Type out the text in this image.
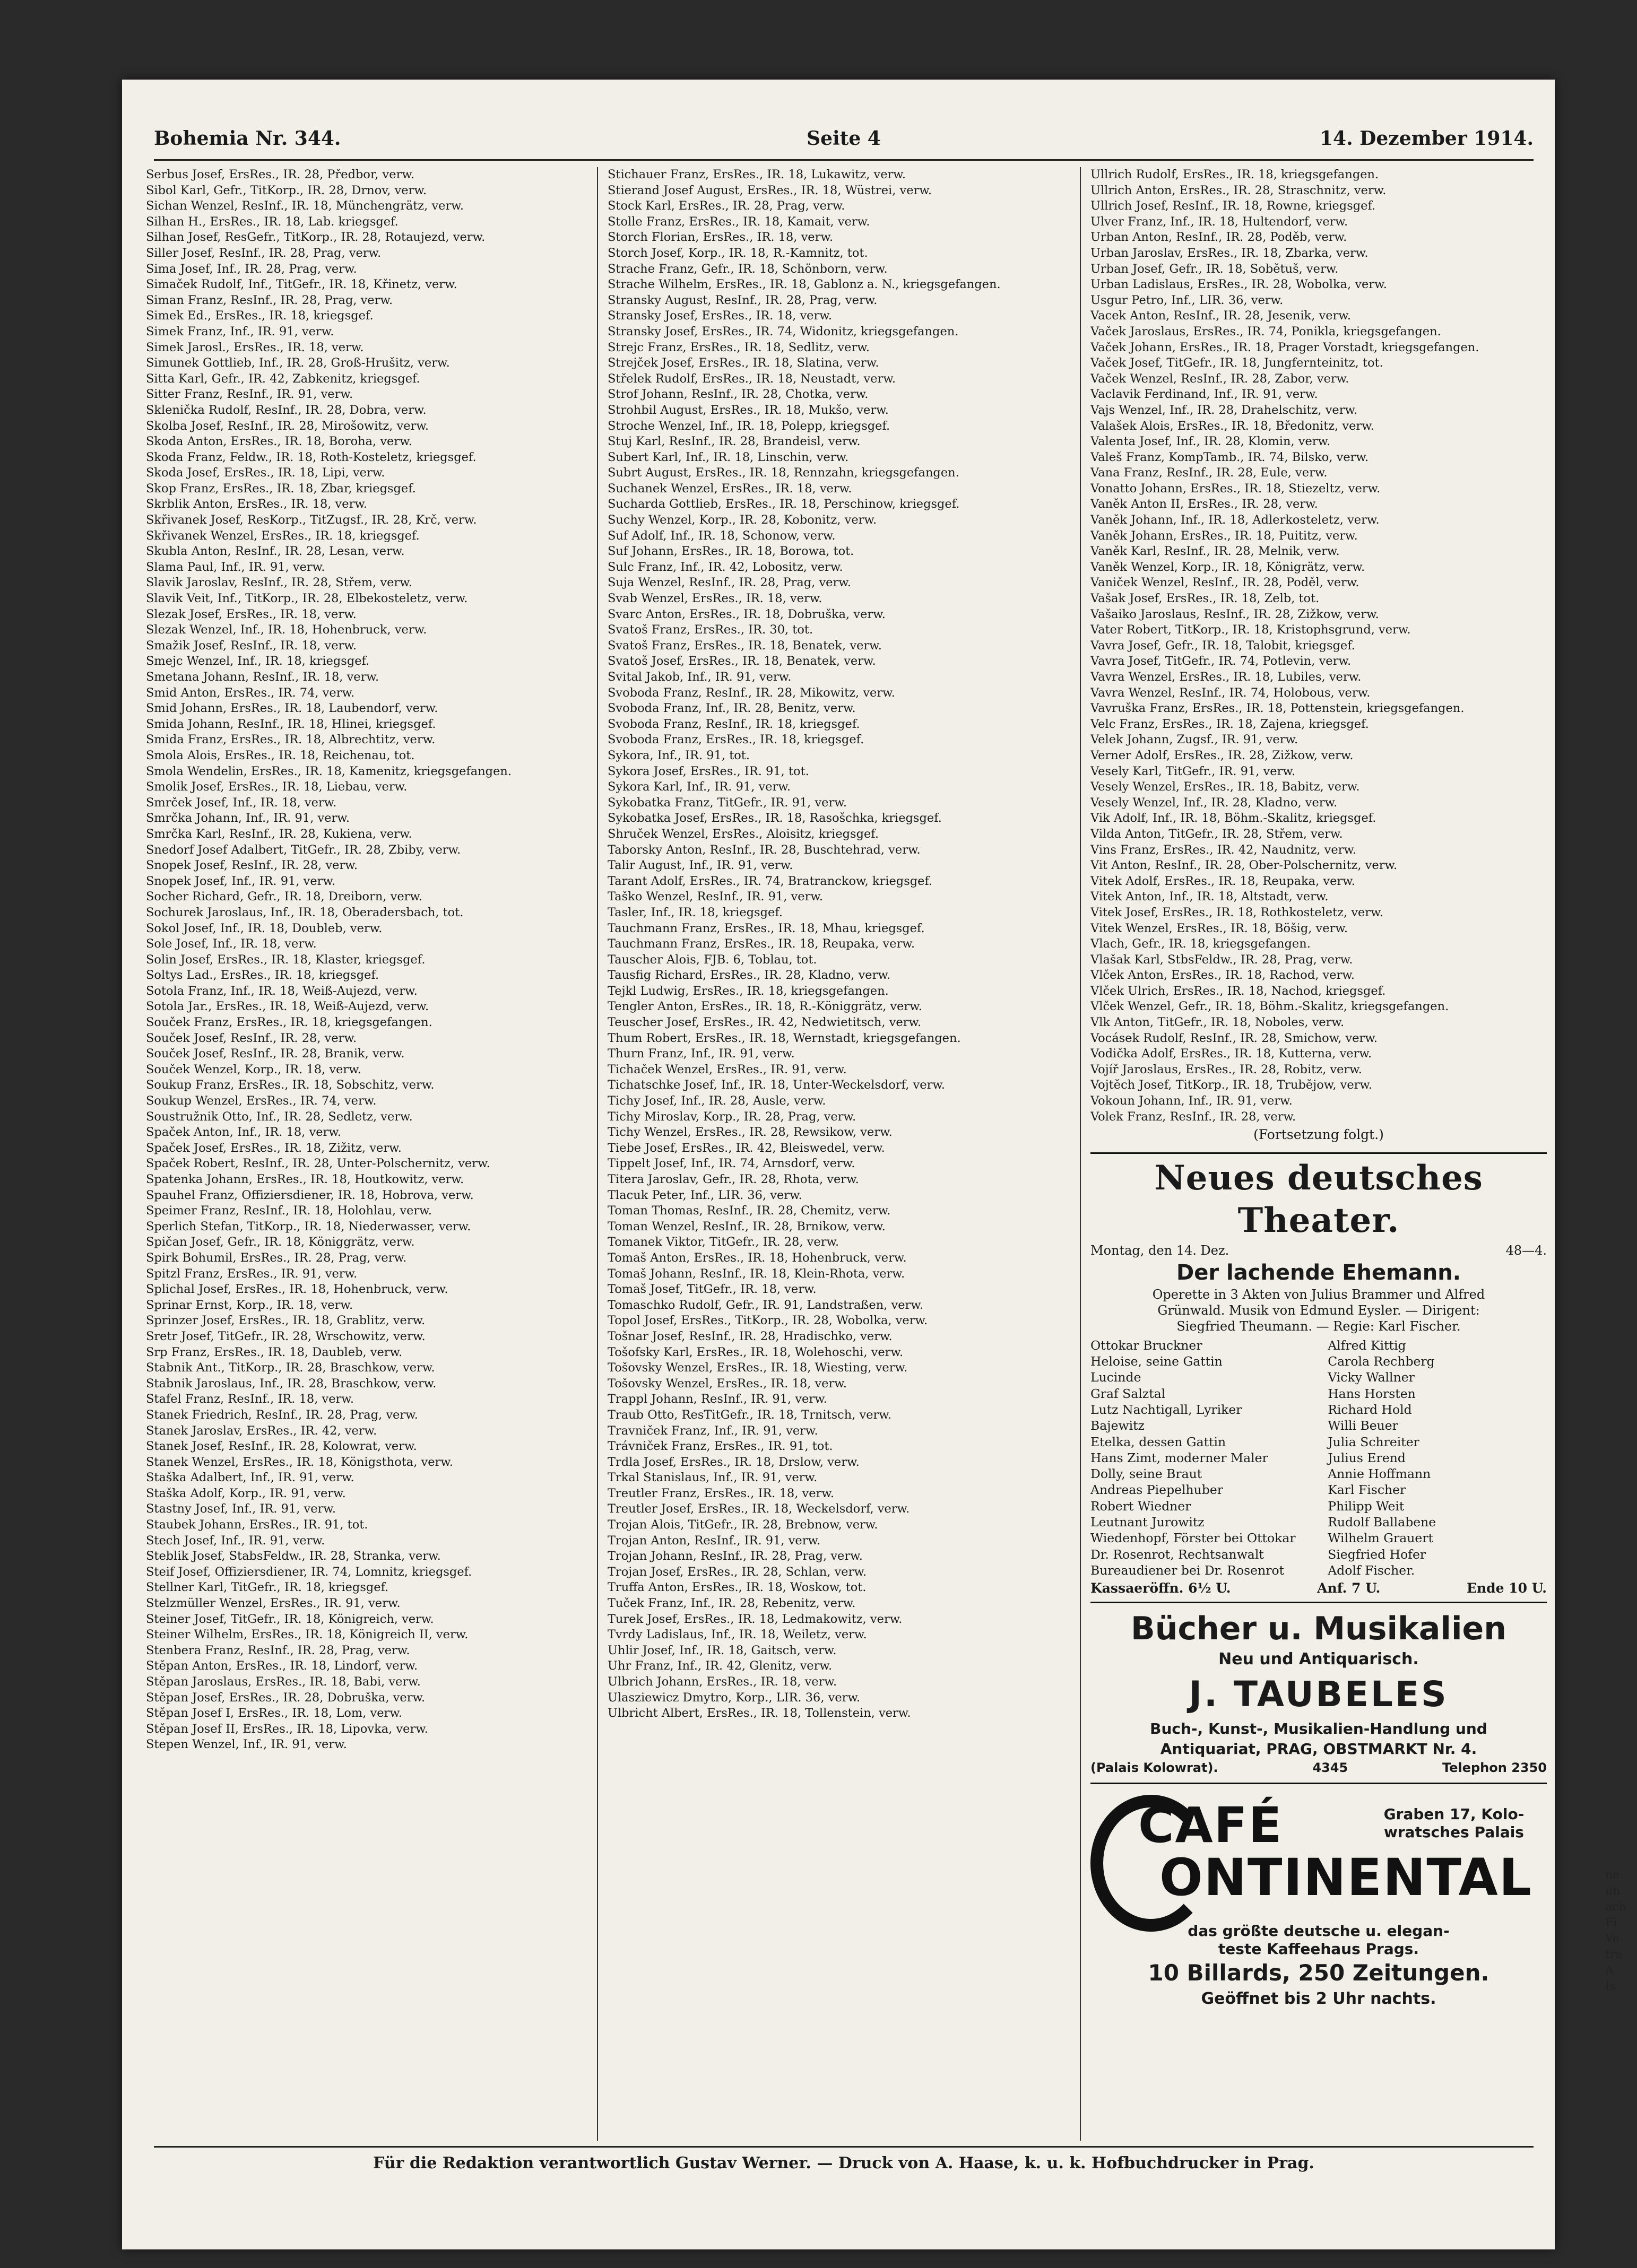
Bohemia Nr. 344.	Seite 4	14. Dezember 1914.
Serbus Josef, ErsRes., IR. 28, Předbor, verw.
Sibol Karl, Gefr., TitKorp., IR. 28, Drnov, verw.
Sichan Wenzel, ResInf., IR. 18, Münchengrätz, verw.
Silhan H., ErsRes., IR. 18, Lab. kriegsgef.
Silhan Josef, ResGefr., TitKorp., IR. 28, Rotaujezd, verw.
Siller Josef, ResInf., IR. 28, Prag, verw.
Sima Josef, Inf., IR. 28, Prag, verw.
Simaček Rudolf, Inf., TitGefr., IR. 18, Křinetz, verw.
Siman Franz, ResInf., IR. 28, Prag, verw.
Simek Ed., ErsRes., IR. 18, kriegsgef.
Simek Franz, Inf., IR. 91, verw.
Simek Jarosl., ErsRes., IR. 18, verw.
Simunek Gottlieb, Inf., IR. 28, Groß-Hrušitz, verw.
Sitta Karl, Gefr., IR. 42, Zabkenitz, kriegsgef.
Sitter Franz, ResInf., IR. 91, verw.
Sklenička Rudolf, ResInf., IR. 28, Dobra, verw.
Skolba Josef, ResInf., IR. 28, Mirošowitz, verw.
Skoda Anton, ErsRes., IR. 18, Boroha, verw.
Skoda Franz, Feldw., IR. 18, Roth-Kosteletz, kriegsgef.
Skoda Josef, ErsRes., IR. 18, Lipi, verw.
Skop Franz, ErsRes., IR. 18, Zbar, kriegsgef.
Skrblik Anton, ErsRes., IR. 18, verw.
Skřivanek Josef, ResKorp., TitZugsf., IR. 28, Krč, verw.
Skřivanek Wenzel, ErsRes., IR. 18, kriegsgef.
Skubla Anton, ResInf., IR. 28, Lesan, verw.
Slama Paul, Inf., IR. 91, verw.
Slavik Jaroslav, ResInf., IR. 28, Střem, verw.
Slavik Veit, Inf., TitKorp., IR. 28, Elbekosteletz, verw.
Slezak Josef, ErsRes., IR. 18, verw.
Slezak Wenzel, Inf., IR. 18, Hohenbruck, verw.
Smažik Josef, ResInf., IR. 18, verw.
Smejc Wenzel, Inf., IR. 18, kriegsgef.
Smetana Johann, ResInf., IR. 18, verw.
Smid Anton, ErsRes., IR. 74, verw.
Smid Johann, ErsRes., IR. 18, Laubendorf, verw.
Smida Johann, ResInf., IR. 18, Hlinei, kriegsgef.
Smida Franz, ErsRes., IR. 18, Albrechtitz, verw.
Smola Alois, ErsRes., IR. 18, Reichenau, tot.
Smola Wendelin, ErsRes., IR. 18, Kamenitz, kriegsgefangen.
Smolik Josef, ErsRes., IR. 18, Liebau, verw.
Smrček Josef, Inf., IR. 18, verw.
Smrčka Johann, Inf., IR. 91, verw.
Smrčka Karl, ResInf., IR. 28, Kukiena, verw.
Snedorf Josef Adalbert, TitGefr., IR. 28, Zbiby, verw.
Snopek Josef, ResInf., IR. 28, verw.
Snopek Josef, Inf., IR. 91, verw.
Socher Richard, Gefr., IR. 18, Dreiborn, verw.
Sochurek Jaroslaus, Inf., IR. 18, Oberadersbach, tot.
Sokol Josef, Inf., IR. 18, Doubleb, verw.
Sole Josef, Inf., IR. 18, verw.
Solin Josef, ErsRes., IR. 18, Klaster, kriegsgef.
Soltys Lad., ErsRes., IR. 18, kriegsgef.
Sotola Franz, Inf., IR. 18, Weiß-Aujezd, verw.
Sotola Jar., ErsRes., IR. 18, Weiß-Aujezd, verw.
Souček Franz, ErsRes., IR. 18, kriegsgefangen.
Souček Josef, ResInf., IR. 28, verw.
Souček Josef, ResInf., IR. 28, Branik, verw.
Souček Wenzel, Korp., IR. 18, verw.
Soukup Franz, ErsRes., IR. 18, Sobschitz, verw.
Soukup Wenzel, ErsRes., IR. 74, verw.
Soustružnik Otto, Inf., IR. 28, Sedletz, verw.
Spaček Anton, Inf., IR. 18, verw.
Spaček Josef, ErsRes., IR. 18, Zižitz, verw.
Spaček Robert, ResInf., IR. 28, Unter-Polschernitz, verw.
Spatenka Johann, ErsRes., IR. 18, Houtkowitz, verw.
Spauhel Franz, Offiziersdiener, IR. 18, Hobrova, verw.
Speimer Franz, ResInf., IR. 18, Holohlau, verw.
Sperlich Stefan, TitKorp., IR. 18, Niederwasser, verw.
Spičan Josef, Gefr., IR. 18, Königgrätz, verw.
Spirk Bohumil, ErsRes., IR. 28, Prag, verw.
Spitzl Franz, ErsRes., IR. 91, verw.
Splichal Josef, ErsRes., IR. 18, Hohenbruck, verw.
Sprinar Ernst, Korp., IR. 18, verw.
Sprinzer Josef, ErsRes., IR. 18, Grablitz, verw.
Sretr Josef, TitGefr., IR. 28, Wrschowitz, verw.
Srp Franz, ErsRes., IR. 18, Daubleb, verw.
Stabnik Ant., TitKorp., IR. 28, Braschkow, verw.
Stabnik Jaroslaus, Inf., IR. 28, Braschkow, verw.
Stafel Franz, ResInf., IR. 18, verw.
Stanek Friedrich, ResInf., IR. 28, Prag, verw.
Stanek Jaroslav, ErsRes., IR. 42, verw.
Stanek Josef, ResInf., IR. 28, Kolowrat, verw.
Stanek Wenzel, ErsRes., IR. 18, Königsthota, verw.
Staška Adalbert, Inf., IR. 91, verw.
Staška Adolf, Korp., IR. 91, verw.
Stastny Josef, Inf., IR. 91, verw.
Staubek Johann, ErsRes., IR. 91, tot.
Stech Josef, Inf., IR. 91, verw.
Steblik Josef, StabsFeldw., IR. 28, Stranka, verw.
Steif Josef, Offiziersdiener, IR. 74, Lomnitz, kriegsgef.
Stellner Karl, TitGefr., IR. 18, kriegsgef.
Stelzmüller Wenzel, ErsRes., IR. 91, verw.
Steiner Josef, TitGefr., IR. 18, Königreich, verw.
Steiner Wilhelm, ErsRes., IR. 18, Königreich II, verw.
Stenbera Franz, ResInf., IR. 28, Prag, verw.
Stěpan Anton, ErsRes., IR. 18, Lindorf, verw.
Stěpan Jaroslaus, ErsRes., IR. 18, Babi, verw.
Stěpan Josef, ErsRes., IR. 28, Dobruška, verw.
Stěpan Josef I, ErsRes., IR. 18, Lom, verw.
Stěpan Josef II, ErsRes., IR. 18, Lipovka, verw.
Stepen Wenzel, Inf., IR. 91, verw.
Stichauer Franz, ErsRes., IR. 18, Lukawitz, verw.
Stierand Josef August, ErsRes., IR. 18, Wüstrei, verw.
Stock Karl, ErsRes., IR. 28, Prag, verw.
Stolle Franz, ErsRes., IR. 18, Kamait, verw.
Storch Florian, ErsRes., IR. 18, verw.
Storch Josef, Korp., IR. 18, R.-Kamnitz, tot.
Strache Franz, Gefr., IR. 18, Schönborn, verw.
Strache Wilhelm, ErsRes., IR. 18, Gablonz a. N., kriegsgefangen.
Stransky August, ResInf., IR. 28, Prag, verw.
Stransky Josef, ErsRes., IR. 18, verw.
Stransky Josef, ErsRes., IR. 74, Widonitz, kriegsgefangen.
Strejc Franz, ErsRes., IR. 18, Sedlitz, verw.
Strejček Josef, ErsRes., IR. 18, Slatina, verw.
Střelek Rudolf, ErsRes., IR. 18, Neustadt, verw.
Strof Johann, ResInf., IR. 28, Chotka, verw.
Strohbil August, ErsRes., IR. 18, Mukšo, verw.
Stroche Wenzel, Inf., IR. 18, Polepp, kriegsgef.
Stuj Karl, ResInf., IR. 28, Brandeisl, verw.
Subert Karl, Inf., IR. 18, Linschin, verw.
Subrt August, ErsRes., IR. 18, Rennzahn, kriegsgefangen.
Suchanek Wenzel, ErsRes., IR. 18, verw.
Sucharda Gottlieb, ErsRes., IR. 18, Perschinow, kriegsgef.
Suchy Wenzel, Korp., IR. 28, Kobonitz, verw.
Suf Adolf, Inf., IR. 18, Schonow, verw.
Suf Johann, ErsRes., IR. 18, Borowa, tot.
Sulc Franz, Inf., IR. 42, Lobositz, verw.
Suja Wenzel, ResInf., IR. 28, Prag, verw.
Svab Wenzel, ErsRes., IR. 18, verw.
Svarc Anton, ErsRes., IR. 18, Dobruška, verw.
Svatoš Franz, ErsRes., IR. 30, tot.
Svatoš Franz, ErsRes., IR. 18, Benatek, verw.
Svatoš Josef, ErsRes., IR. 18, Benatek, verw.
Svital Jakob, Inf., IR. 91, verw.
Svoboda Franz, ResInf., IR. 28, Mikowitz, verw.
Svoboda Franz, Inf., IR. 28, Benitz, verw.
Svoboda Franz, ResInf., IR. 18, kriegsgef.
Svoboda Franz, ErsRes., IR. 18, kriegsgef.
Sykora, Inf., IR. 91, tot.
Sykora Josef, ErsRes., IR. 91, tot.
Sykora Karl, Inf., IR. 91, verw.
Sykobatka Franz, TitGefr., IR. 91, verw.
Sykobatka Josef, ErsRes., IR. 18, Rasošchka, kriegsgef.
Shruček Wenzel, ErsRes., Aloisitz, kriegsgef.
Taborsky Anton, ResInf., IR. 28, Buschtehrad, verw.
Talir August, Inf., IR. 91, verw.
Tarant Adolf, ErsRes., IR. 74, Bratranckow, kriegsgef.
Taško Wenzel, ResInf., IR. 91, verw.
Tasler, Inf., IR. 18, kriegsgef.
Tauchmann Franz, ErsRes., IR. 18, Mhau, kriegsgef.
Tauchmann Franz, ErsRes., IR. 18, Reupaka, verw.
Tauscher Alois, FJB. 6, Toblau, tot.
Tausfig Richard, ErsRes., IR. 28, Kladno, verw.
Tejkl Ludwig, ErsRes., IR. 18, kriegsgefangen.
Tengler Anton, ErsRes., IR. 18, R.-Königgrätz, verw.
Teuscher Josef, ErsRes., IR. 42, Nedwietitsch, verw.
Thum Robert, ErsRes., IR. 18, Wernstadt, kriegsgefangen.
Thurn Franz, Inf., IR. 91, verw.
Tichaček Wenzel, ErsRes., IR. 91, verw.
Tichatschke Josef, Inf., IR. 18, Unter-Weckelsdorf, verw.
Tichy Josef, Inf., IR. 28, Ausle, verw.
Tichy Miroslav, Korp., IR. 28, Prag, verw.
Tichy Wenzel, ErsRes., IR. 28, Rewsikow, verw.
Tiebe Josef, ErsRes., IR. 42, Bleiswedel, verw.
Tippelt Josef, Inf., IR. 74, Arnsdorf, verw.
Titera Jaroslav, Gefr., IR. 28, Rhota, verw.
Tlacuk Peter, Inf., LIR. 36, verw.
Toman Thomas, ResInf., IR. 28, Chemitz, verw.
Toman Wenzel, ResInf., IR. 28, Brnikow, verw.
Tomanek Viktor, TitGefr., IR. 28, verw.
Tomaš Anton, ErsRes., IR. 18, Hohenbruck, verw.
Tomaš Johann, ResInf., IR. 18, Klein-Rhota, verw.
Tomaš Josef, TitGefr., IR. 18, verw.
Tomaschko Rudolf, Gefr., IR. 91, Landstraßen, verw.
Topol Josef, ErsRes., TitKorp., IR. 28, Wobolka, verw.
Tošnar Josef, ResInf., IR. 28, Hradischko, verw.
Tošofsky Karl, ErsRes., IR. 18, Wolehoschi, verw.
Tošovsky Wenzel, ErsRes., IR. 18, Wiesting, verw.
Tošovsky Wenzel, ErsRes., IR. 18, verw.
Trappl Johann, ResInf., IR. 91, verw.
Traub Otto, ResTitGefr., IR. 18, Trnitsch, verw.
Travniček Franz, Inf., IR. 91, verw.
Trávniček Franz, ErsRes., IR. 91, tot.
Trdla Josef, ErsRes., IR. 18, Drslow, verw.
Trkal Stanislaus, Inf., IR. 91, verw.
Treutler Franz, ErsRes., IR. 18, verw.
Treutler Josef, ErsRes., IR. 18, Weckelsdorf, verw.
Trojan Alois, TitGefr., IR. 28, Brebnow, verw.
Trojan Anton, ResInf., IR. 91, verw.
Trojan Johann, ResInf., IR. 28, Prag, verw.
Trojan Josef, ErsRes., IR. 28, Schlan, verw.
Truffa Anton, ErsRes., IR. 18, Woskow, tot.
Tuček Franz, Inf., IR. 28, Rebenitz, verw.
Turek Josef, ErsRes., IR. 18, Ledmakowitz, verw.
Tvrdy Ladislaus, Inf., IR. 18, Weiletz, verw.
Uhlir Josef, Inf., IR. 18, Gaitsch, verw.
Uhr Franz, Inf., IR. 42, Glenitz, verw.
Ulbrich Johann, ErsRes., IR. 18, verw.
Ulasziewicz Dmytro, Korp., LIR. 36, verw.
Ulbricht Albert, ErsRes., IR. 18, Tollenstein, verw.
Ullrich Rudolf, ErsRes., IR. 18, kriegsgefangen.
Ullrich Anton, ErsRes., IR. 28, Straschnitz, verw.
Ullrich Josef, ResInf., IR. 18, Rowne, kriegsgef.
Ulver Franz, Inf., IR. 18, Hultendorf, verw.
Urban Anton, ResInf., IR. 28, Poděb, verw.
Urban Jaroslav, ErsRes., IR. 18, Zbarka, verw.
Urban Josef, Gefr., IR. 18, Sobětuš, verw.
Urban Ladislaus, ErsRes., IR. 28, Wobolka, verw.
Usgur Petro, Inf., LIR. 36, verw.
Vacek Anton, ResInf., IR. 28, Jesenik, verw.
Vaček Jaroslaus, ErsRes., IR. 74, Ponikla, kriegsgefangen.
Vaček Johann, ErsRes., IR. 18, Prager Vorstadt, kriegsgefangen.
Vaček Josef, TitGefr., IR. 18, Jungfernteinitz, tot.
Vaček Wenzel, ResInf., IR. 28, Zabor, verw.
Vaclavik Ferdinand, Inf., IR. 91, verw.
Vajs Wenzel, Inf., IR. 28, Drahelschitz, verw.
Valašek Alois, ErsRes., IR. 18, Bředonitz, verw.
Valenta Josef, Inf., IR. 28, Klomin, verw.
Valeš Franz, KompTamb., IR. 74, Bilsko, verw.
Vana Franz, ResInf., IR. 28, Eule, verw.
Vonatto Johann, ErsRes., IR. 18, Stiezeltz, verw.
Vaněk Anton II, ErsRes., IR. 28, verw.
Vaněk Johann, Inf., IR. 18, Adlerkosteletz, verw.
Vaněk Johann, ErsRes., IR. 18, Puititz, verw.
Vaněk Karl, ResInf., IR. 28, Melnik, verw.
Vaněk Wenzel, Korp., IR. 18, Königrätz, verw.
Vaniček Wenzel, ResInf., IR. 28, Poděl, verw.
Vašak Josef, ErsRes., IR. 18, Zelb, tot.
Vašaiko Jaroslaus, ResInf., IR. 28, Zižkow, verw.
Vater Robert, TitKorp., IR. 18, Kristophsgrund, verw.
Vavra Josef, Gefr., IR. 18, Talobit, kriegsgef.
Vavra Josef, TitGefr., IR. 74, Potlevin, verw.
Vavra Wenzel, ErsRes., IR. 18, Lubiles, verw.
Vavra Wenzel, ResInf., IR. 74, Holobous, verw.
Vavruška Franz, ErsRes., IR. 18, Pottenstein, kriegsgefangen.
Velc Franz, ErsRes., IR. 18, Zajena, kriegsgef.
Velek Johann, Zugsf., IR. 91, verw.
Verner Adolf, ErsRes., IR. 28, Zižkow, verw.
Vesely Karl, TitGefr., IR. 91, verw.
Vesely Wenzel, ErsRes., IR. 18, Babitz, verw.
Vesely Wenzel, Inf., IR. 28, Kladno, verw.
Vik Adolf, Inf., IR. 18, Böhm.-Skalitz, kriegsgef.
Vilda Anton, TitGefr., IR. 28, Střem, verw.
Vins Franz, ErsRes., IR. 42, Naudnitz, verw.
Vit Anton, ResInf., IR. 28, Ober-Polschernitz, verw.
Vitek Adolf, ErsRes., IR. 18, Reupaka, verw.
Vitek Anton, Inf., IR. 18, Altstadt, verw.
Vitek Josef, ErsRes., IR. 18, Rothkosteletz, verw.
Vitek Wenzel, ErsRes., IR. 18, Böšig, verw.
Vlach, Gefr., IR. 18, kriegsgefangen.
Vlašak Karl, StbsFeldw., IR. 28, Prag, verw.
Vlček Anton, ErsRes., IR. 18, Rachod, verw.
Vlček Ulrich, ErsRes., IR. 18, Nachod, kriegsgef.
Vlček Wenzel, Gefr., IR. 18, Böhm.-Skalitz, kriegsgefangen.
Vlk Anton, TitGefr., IR. 18, Noboles, verw.
Vocásek Rudolf, ResInf., IR. 28, Smichow, verw.
Vodička Adolf, ErsRes., IR. 18, Kutterna, verw.
Vojíř Jaroslaus, ErsRes., IR. 28, Robitz, verw.
Vojtěch Josef, TitKorp., IR. 18, Trubějow, verw.
Vokoun Johann, Inf., IR. 91, verw.
Volek Franz, ResInf., IR. 28, verw.
(Fortsetzung folgt.)
Neues deutsches Theater.
Montag, den 14. Dez.	48—4.
Der lachende Ehemann.
Operette in 3 Akten von Julius Brammer und Alfred
Grünwald. Musik von Edmund Eysler. — Dirigent:
Siegfried Theumann. — Regie: Karl Fischer.
Ottokar Bruckner	Alfred Kittig
Heloise, seine Gattin	Carola Rechberg
Lucinde	Vicky Wallner
Graf Salztal	Hans Horsten
Lutz Nachtigall, Lyriker	Richard Hold
Bajewitz	Willi Beuer
Etelka, dessen Gattin	Julia Schreiter
Hans Zimt, moderner Maler	Julius Erend
Dolly, seine Braut	Annie Hoffmann
Andreas Piepelhuber	Karl Fischer
Robert Wiedner	Philipp Weit
Leutnant Jurowitz	Rudolf Ballabene
Wiedenhopf, Förster bei Ottokar	Wilhelm Grauert
Dr. Rosenrot, Rechtsanwalt	Siegfried Hofer
Bureaudiener bei Dr. Rosenrot	Adolf Fischer.
Kassaeröffn. 6½ U.	Anf. 7 U.	Ende 10 U.
Bücher u. Musikalien
Neu und Antiquarisch.
J. TAUBELES
Buch-, Kunst-, Musikalien-Handlung und
Antiquariat, PRAG, OBSTMARKT Nr. 4.
(Palais Kolowrat).	4345	Telephon 2350
CAFÉ
ONTINENTAL
Graben 17, Kolo-
wratsches Palais
das größte deutsche u. elegan-
teste Kaffeehaus Prags.
10 Billards, 250 Zeitungen.
Geöffnet bis 2 Uhr nachts.
Für die Redaktion verantwortlich Gustav Werner. — Druck von A. Haase, k. u. k. Hofbuchdrucker in Prag.
ne
un
ach
Fi
Ve
tre
A
Is
